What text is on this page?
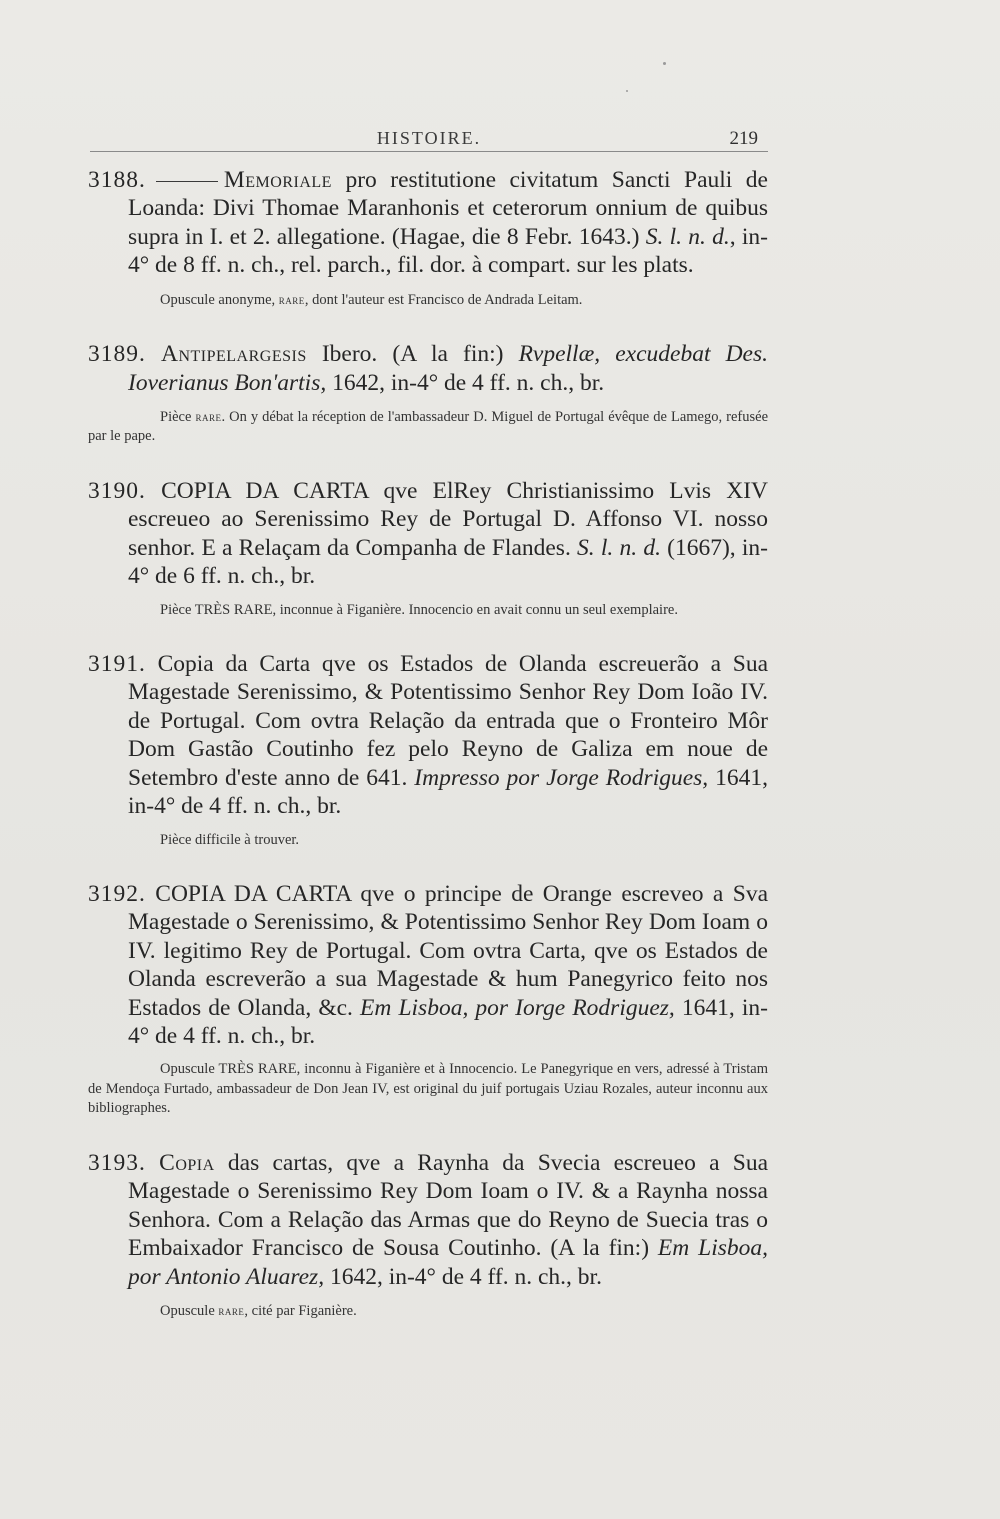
HISTOIRE.	219

3188.	Memoriale pro restitutione civitatum Sancti Pauli de Loanda: Divi Thomae Maranhonis et ceterorum onnium de quibus supra in I. et 2. allegatione. (Hagae, die 8 Febr. 1643.) S. l. n. d., in-4° de 8 ff. n. ch., rel. parch., fil. dor. à compart. sur les plats.

Opuscule anonyme, rare, dont l'auteur est Francisco de Andrada Leitam.

3189. Antipelargesis Ibero. (A la fin:) Rvpellæ, excudebat Des. Ioverianus Bon'artis, 1642, in-4° de 4 ff. n. ch., br.

Pièce rare. On y débat la réception de l'ambassadeur D. Miguel de Portugal évêque de Lamego, refusée par le pape.

3190. COPIA DA CARTA qve ElRey Christianissimo Lvis XIV escreueo ao Serenissimo Rey de Portugal D. Affonso VI. nosso senhor. E a Relaçam da Companha de Flandes. S. l. n. d. (1667), in-4° de 6 ff. n. ch., br.

Pièce TRÈS RARE, inconnue à Figanière. Innocencio en avait connu un seul exemplaire.

3191. Copia da Carta qve os Estados de Olanda escreuerão a Sua Magestade Serenissimo, & Potentissimo Senhor Rey Dom Ioão IV. de Portugal. Com ovtra Relação da entrada que o Fronteiro Môr Dom Gastão Coutinho fez pelo Reyno de Galiza em noue de Setembro d'este anno de 641. Impresso por Jorge Rodrigues, 1641, in-4° de 4 ff. n. ch., br.

Pièce difficile à trouver.

3192. COPIA DA CARTA qve o principe de Orange escreveo a Sva Magestade o Serenissimo, & Potentissimo Senhor Rey Dom Ioam o IV. legitimo Rey de Portugal. Com ovtra Carta, qve os Estados de Olanda escreverão a sua Magestade & hum Panegyrico feito nos Estados de Olanda, &c. Em Lisboa, por Iorge Rodriguez, 1641, in-4° de 4 ff. n. ch., br.

Opuscule TRÈS RARE, inconnu à Figanière et à Innocencio. Le Panegyrique en vers, adressé à Tristam de Mendoça Furtado, ambassadeur de Don Jean IV, est original du juif portugais Uziau Rozales, auteur inconnu aux bibliographes.

3193. Copia das cartas, qve a Raynha da Svecia escreueo a Sua Magestade o Serenissimo Rey Dom Ioam o IV. & a Raynha nossa Senhora. Com a Relação das Armas que do Reyno de Suecia tras o Embaixador Francisco de Sousa Coutinho. (A la fin:) Em Lisboa, por Antonio Aluarez, 1642, in-4° de 4 ff. n. ch., br.

Opuscule rare, cité par Figanière.
